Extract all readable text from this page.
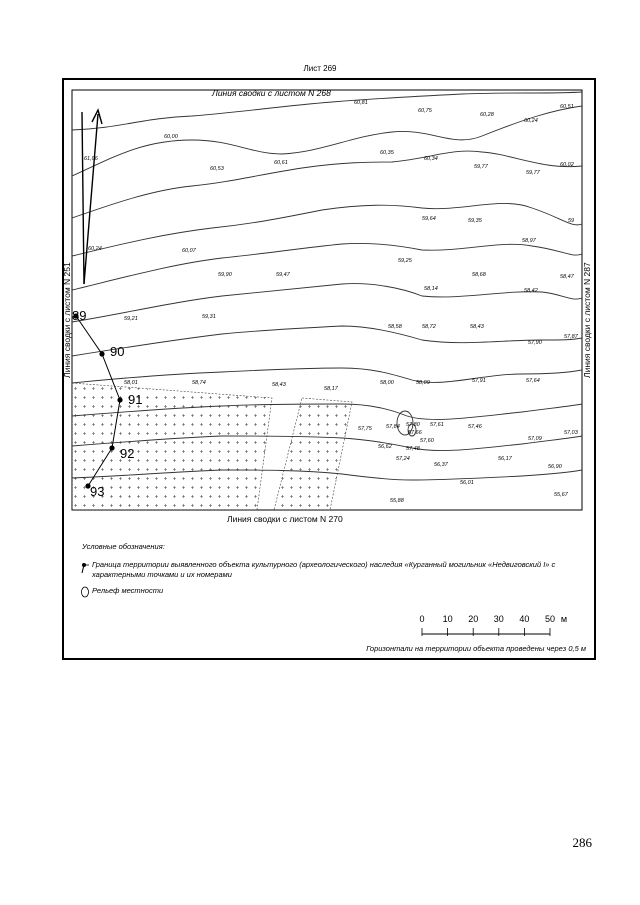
Лист 269
89
90
91
92
93
Линия сводки с листом N 268
Линия сводки с листом N 270
Линия сводки с листом N 251	Линия сводки с листом N 287
60,81
60,75
60,28
60,24
60,51
61,06
60,00
60,53
60,61
60,35
60,34
59,77
59,77
60,02
59,64	59,35	59
60,24	60,07
59,90	59,47
59,25
58,97
58,68	58,47
58,14	58,42
59,21	59,31
58,58	58,72	58,43
57,90
57,87
58,01	58,74	58,43
58,17
58,00	58,09	57,91	57,64
57,75	57,84 57,80 57,61
57,66
57,60
57,46
57,09
57,03
56,62	57,48
57,24
56,37
56,17
56,90
56,01
55,67
55,88
Условные обозначения:
Граница территории выявленного объекта культурного (археологического) наследия «Курганный могильник «Недвиговский I» с характерными точками и их номерами
Рельеф местности
0 10 20 30 40 50 м
Горизонтали на территории объекта проведены через 0,5 м
286
